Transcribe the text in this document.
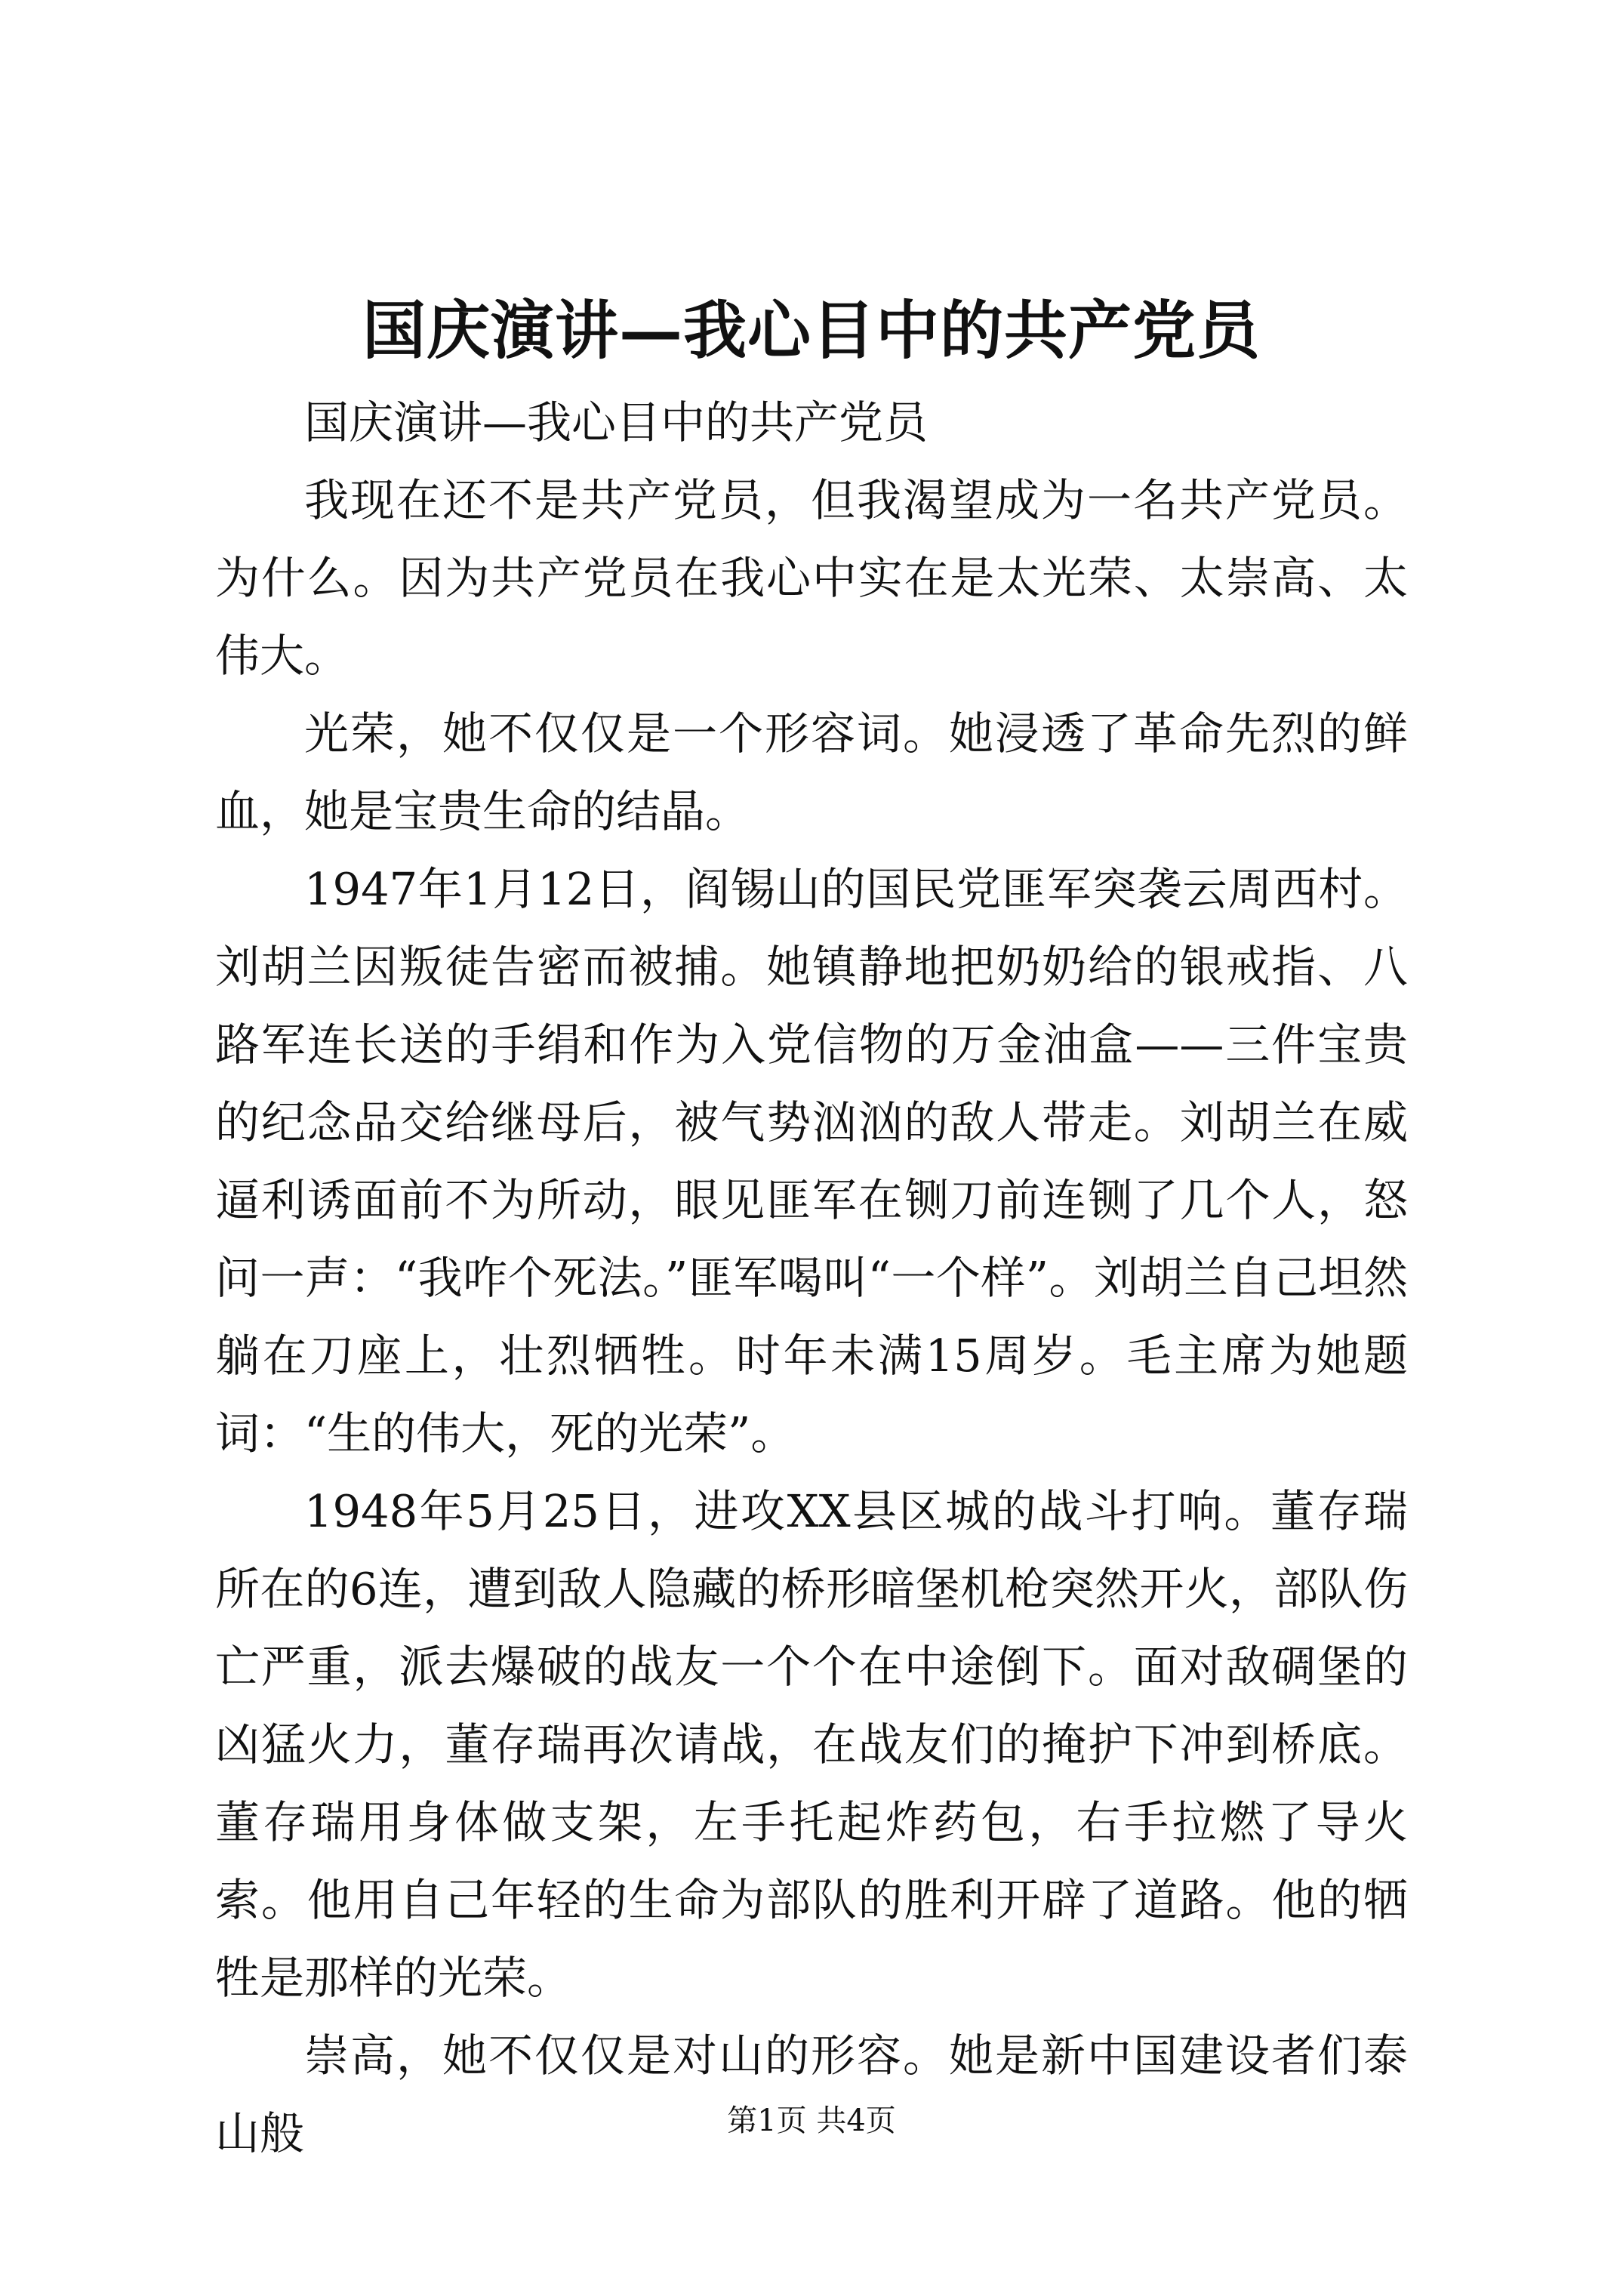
国庆演讲—我心目中的共产党员

国庆演讲—我心目中的共产党员

我现在还不是共产党员，但我渴望成为一名共产党员。为什么。因为共产党员在我心中实在是太光荣、太崇高、太伟大。

光荣，她不仅仅是一个形容词。她浸透了革命先烈的鲜血，她是宝贵生命的结晶。

1947年1月12日，阎锡山的国民党匪军突袭云周西村。刘胡兰因叛徒告密而被捕。她镇静地把奶奶给的银戒指、八路军连长送的手绢和作为入党信物的万金油盒——三件宝贵的纪念品交给继母后，被气势汹汹的敌人带走。刘胡兰在威逼利诱面前不为所动，眼见匪军在铡刀前连铡了几个人，怒问一声：“我咋个死法。”匪军喝叫“一个样”。刘胡兰自己坦然躺在刀座上，壮烈牺牲。时年未满15周岁。毛主席为她题词：“生的伟大，死的光荣”。

1948年5月25日，进攻XX县区城的战斗打响。董存瑞所在的6连，遭到敌人隐藏的桥形暗堡机枪突然开火，部队伤亡严重，派去爆破的战友一个个在中途倒下。面对敌碉堡的凶猛火力，董存瑞再次请战，在战友们的掩护下冲到桥底。董存瑞用身体做支架，左手托起炸药包，右手拉燃了导火索。他用自己年轻的生命为部队的胜利开辟了道路。他的牺牲是那样的光荣。

崇高，她不仅仅是对山的形容。她是新中国建设者们泰山般	第1页 共4页
